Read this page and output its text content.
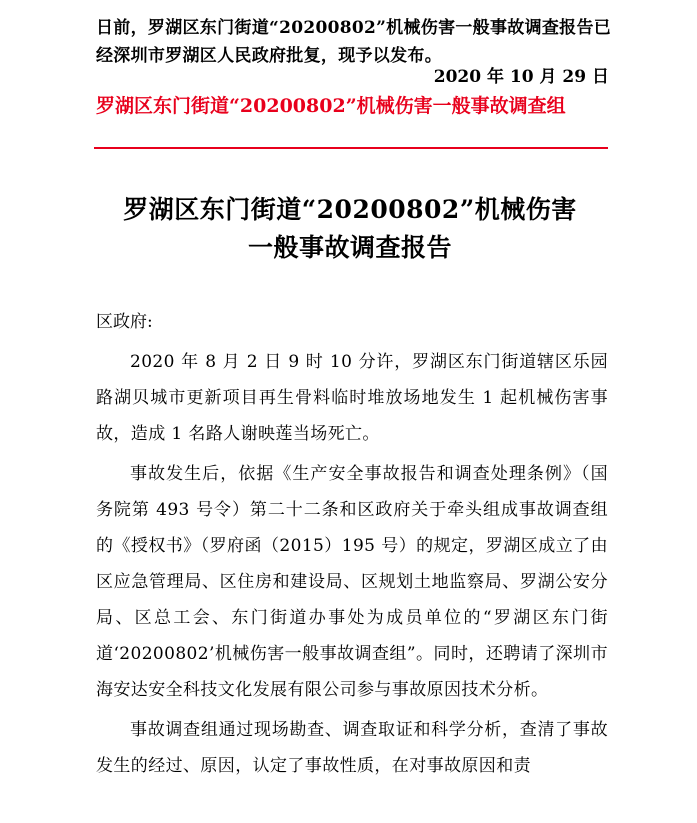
日前，罗湖区东门街道“20200802”机械伤害一般事故调查报告已经深圳市罗湖区人民政府批复，现予以发布。
2020 年 10 月 29 日
罗湖区东门街道“20200802”机械伤害一般事故调查组
罗湖区东门街道“20200802”机械伤害
一般事故调查报告

区政府:

2020 年 8 月 2 日 9 时 10 分许，罗湖区东门街道辖区乐园路湖贝城市更新项目再生骨料临时堆放场地发生 1 起机械伤害事故，造成 1 名路人谢映莲当场死亡。

事故发生后，依据《生产安全事故报告和调查处理条例》（国务院第 493 号令）第二十二条和区政府关于牵头组成事故调查组的《授权书》（罗府函（2015）195 号）的规定，罗湖区成立了由区应急管理局、区住房和建设局、区规划土地监察局、罗湖公安分局、区总工会、东门街道办事处为成员单位的“罗湖区东门街道‘20200802’机械伤害一般事故调查组”。同时，还聘请了深圳市海安达安全科技文化发展有限公司参与事故原因技术分析。

事故调查组通过现场勘查、调查取证和科学分析，查清了事故发生的经过、原因，认定了事故性质，在对事故原因和责
